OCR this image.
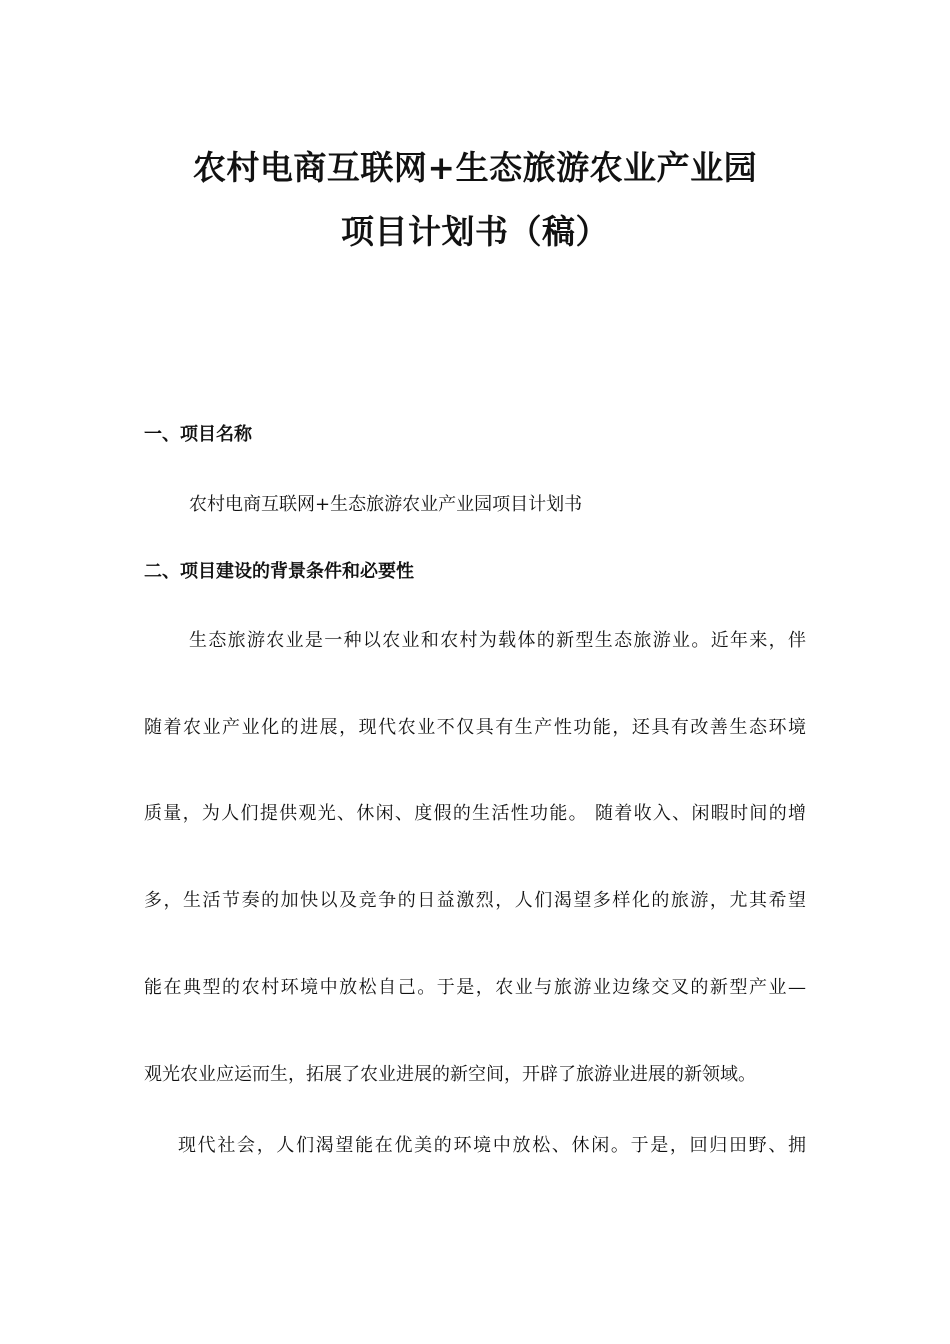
农村电商互联网+生态旅游农业产业园
项目计划书（稿）
一、项目名称
农村电商互联网+生态旅游农业产业园项目计划书
二、项目建设的背景条件和必要性
生态旅游农业是一种以农业和农村为载体的新型生态旅游业。近年来，伴
随着农业产业化的进展，现代农业不仅具有生产性功能，还具有改善生态环境
质量，为人们提供观光、休闲、度假的生活性功能。 随着收入、闲暇时间的增
多，生活节奏的加快以及竞争的日益激烈，人们渴望多样化的旅游，尤其希望
能在典型的农村环境中放松自己。于是，农业与旅游业边缘交叉的新型产业—
观光农业应运而生，拓展了农业进展的新空间，开辟了旅游业进展的新领域。
现代社会，人们渴望能在优美的环境中放松、休闲。于是，回归田野、拥
